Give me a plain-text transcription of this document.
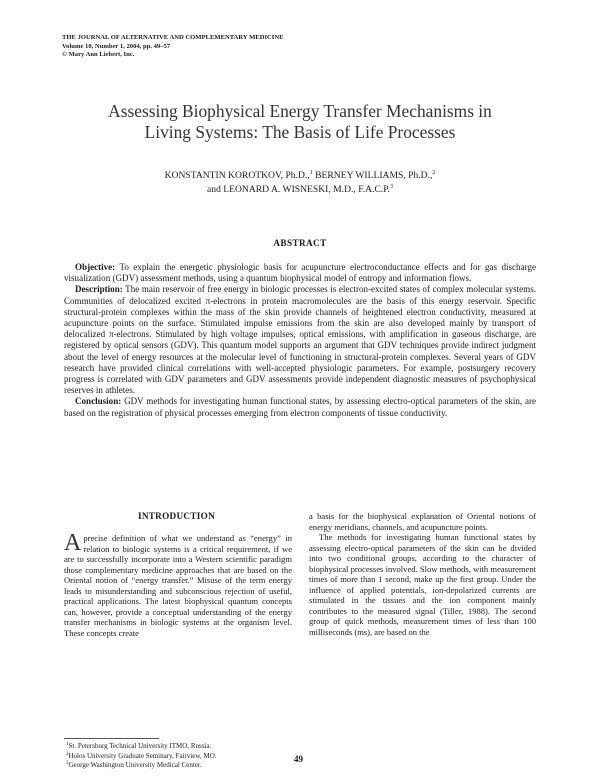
THE JOURNAL OF ALTERNATIVE AND COMPLEMENTARY MEDICINE
Volume 10, Number 1, 2004, pp. 49–57
© Mary Ann Liebert, Inc.
Assessing Biophysical Energy Transfer Mechanisms in
Living Systems: The Basis of Life Processes
KONSTANTIN KOROTKOV, Ph.D.,$^1$ BERNEY WILLIAMS, Ph.D.,$^2$
and LEONARD A. WISNESKI, M.D., F.A.C.P.$^3$
ABSTRACT

Objective: To explain the energetic physiologic basis for acupuncture electroconductance effects and for gas discharge visualization (GDV) assessment methods, using a quantum biophysical model of entropy and information flows.

Description: The main reservoir of free energy in biologic processes is electron-excited states of complex molecular systems. Communities of delocalized excited π-electrons in protein macromolecules are the basis of this energy reservoir. Specific structural-protein complexes within the mass of the skin provide channels of heightened electron conductivity, measured at acupuncture points on the surface. Stimulated impulse emissions from the skin are also developed mainly by transport of delocalized π-electrons. Stimulated by high voltage impulses, optical emissions, with amplification in gaseous discharge, are registered by optical sensors (GDV). This quantum model supports an argument that GDV techniques provide indirect judgment about the level of energy resources at the molecular level of functioning in structural-protein complexes. Several years of GDV research have provided clinical correlations with well-accepted physiologic parameters. For example, postsurgery recovery progress is correlated with GDV parameters and GDV assessments provide independent diagnostic measures of psychophysical reserves in athletes.

Conclusion: GDV methods for investigating human functional states, by assessing electro-optical parameters of the skin, are based on the registration of physical processes emerging from electron components of tissue conductivity.

INTRODUCTION

Aprecise definition of what we understand as “energy” in relation to biologic systems is a critical requirement, if we are to successfully incorporate into a Western scientific paradigm those complementary medicine approaches that are based on the Oriental notion of “energy transfer.” Misuse of the term energy leads to misunderstanding and subconscious rejection of useful, practical applications. The latest biophysical quantum concepts can, however, provide a conceptual understanding of the energy transfer mechanisms in biologic systems at the organism level. These concepts create

a basis for the biophysical explanation of Oriental notions of energy meridians, channels, and acupuncture points.

The methods for investigating human functional states by assessing electro-optical parameters of the skin can be divided into two conditional groups, according to the character of biophysical processes involved. Slow methods, with measurement times of more than 1 second, make up the first group. Under the influence of applied potentials, ion-depolarized currents are stimulated in the tissues and the ion component mainly contributes to the measured signal (Tiller, 1988). The second group of quick methods, measurement times of less than 100 milliseconds (ms), are based on the

$^1$St. Petersburg Technical University ITMO, Russia.
$^2$Holos University Graduate Seminary, Fairview, MO.
$^3$George Washington University Medical Center.
49
